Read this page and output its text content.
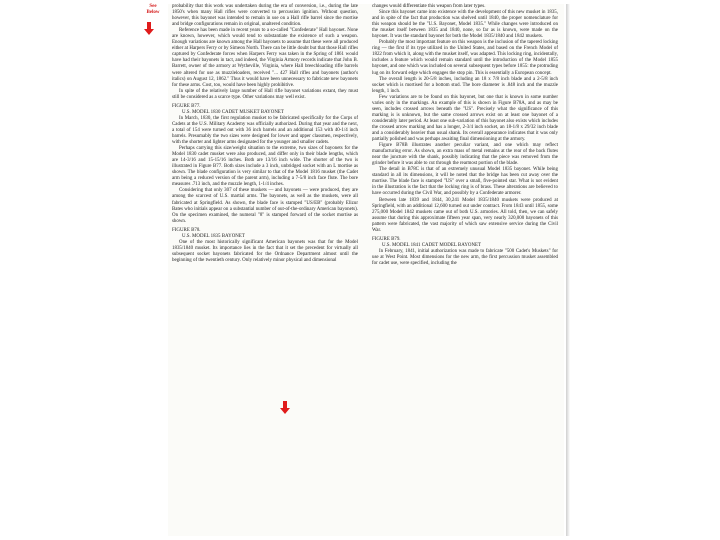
probability that this work was undertaken during the era of conversion, i.e., during the late 1850's when many Hall rifles were converted to percussion ignition. Without question, however, this bayonet was intended to remain in use on a Hall rifle barrel since the mortise and bridge configurations remain in original, unaltered condition.

Reference has been made in recent years to a so-called "Confederate" Hall bayonet. None are known, however, which would tend to substantiate the existence of such a weapon. Enough variations are known among the Hall bayonets to assume that these were all produced either at Harpers Ferry or by Simeon North. There can be little doubt but that those Hall rifles captured by Confederate forces when Harpers Ferry was taken in the Spring of 1861 would have had their bayonets in tact, and indeed, the Virginia Armory records indicate that John B. Barrett, owner of the armory at Wytheville, Virginia, where Hall breechloading rifle barrels were altered for use as muzzleloaders, received "... 427 Hall rifles and bayonets (author's italics) on August 12, 1862." Thus it would have been unnecessary to fabricate new bayonets for these arms. Cost, too, would have been highly prohibitive.

In spite of the relatively large number of Hall rifle bayonet variations extant, they must still be considered as a scarce type. Other variations may well exist.

FIGURE B77.
U.S. MODEL 1830 CADET MUSKET BAYONET

In March, 1830, the first regulation musket to be fabricated specifically for the Corps of Cadets at the U.S. Military Academy was officially authorized. During that year and the next, a total of 154 were turned out with 36 inch barrels and an additional 153 with 40-1/4 inch barrels. Presumably the two sizes were designed for lower and upper classmen, respectively, with the shorter and lighter arms designated for the younger and smaller cadets.

Perhaps carrying this size/weight situation to the extreme, two sizes of bayonets for the Model 1830 cadet musket were also produced, and differ only in their blade lengths, which are 14-3/16 and 15-15/16 inches. Both are 13/16 inch wide. The shorter of the two is illustrated in Figure B77. Both sizes include a 3 inch, unbridged socket with an L mortise as shown. The blade configuration is very similar to that of the Model 1816 musket (the Cadet arm being a reduced version of the parent arm), including a 7-5/8 inch face flute. The bore measures .713 inch, and the muzzle length, 1-1/4 inches.

Considering that only 307 of these muskets — and bayonets — were produced, they are among the scarcest of U.S. martial arms. The bayonets, as well as the muskets, were all fabricated at Springfield. As shown, the blade face is stamped "US/EB" (probably Elizur Bates who initials appear on a substantial number of out-of-the-ordinary American bayonets). On the specimen examined, the numeral "8" is stamped forward of the socket mortise as shown.

FIGURE B78.
U.S. MODEL 1835 BAYONET

One of the most historically significant American bayonets was that for the Model 1835/1840 musket. Its importance lies in the fact that it set the precedent for virtually all subsequent socket bayonets fabricated for the Ordnance Department almost until the beginning of the twentieth century. Only relatively minor physical and dimensional

changes would differentiate this weapon from later types.

Since this bayonet came into existence with the development of this new musket in 1835, and in spite of the fact that production was shelved until 1840, the proper nomenclature for this weapon should be the "U.S. Bayonet, Model 1835." While changes were introduced on the musket itself between 1835 and 1840, none, so far as is known, were made on the bayonet. It was the standard bayonet for both the Model 1835/1840 and 1842 muskets.

Probably the most important feature on this weapon is the inclusion of the tapered locking ring — the first if its type utilized in the United States, and based on the French Model of 1822 from which it, along with the musket itself, was adapted. This locking ring, incidentally, includes a feature which would remain standard until the introduction of the Model 1855 bayonet, and one which was included on several subsequent types before 1855: the protruding lug on its forward edge which engages the stop pin. This is essentially a European concept.

The overall length is 20-5/8 inches, including an 18 x 7/8 inch blade and a 2-5/8 inch socket which is mortised for a bottom stud. The bore diameter is .848 inch and the muzzle length, 1 inch.

Few variations are to be found on this bayonet, but one that is known in some number varies only in the markings. An example of this is shown in Figure B78A, and as may be seen, includes crossed arrows beneath the "US". Precisely what the significance of this marking is is unknown, but the same crossed arrows exist on at least one bayonet of a considerably later period. At least one sub-variation of this bayonet also exists which includes the crossed arrow marking and has a longer, 2-3/4 inch socket, an 18-1/8 x 29/32 inch blade and a considerably heavier than usual shank. Its overall appearance indicates that it was only partially polished and was perhaps awaiting final dimensioning at the armory.

Figure B78B illustrates another peculiar variant, and one which may reflect manufacturing error. As shown, an extra mass of metal remains at the rear of the back flutes near the juncture with the shank, possibly indicating that the piece was removed from the grinder before it was able to cut through the rearmost portion of the blade.

The detail in B78C is that of an extremely unusual Model 1835 bayonet. While being standard in all its dimensions, it will be noted that the bridge has been cut away over the mortise. The blade face is stamped "US" over a small, five-pointed star. What is not evident in the illustration is the fact that the locking ring is of brass. These alterations are believed to have occurred during the Civil War, and possibly by a Confederate armorer.

Between late 1839 and 1844, 30,241 Model 1835/1840 muskets were produced at Springfield, with an additional 12,600 turned out under contract. From 1843 until 1855, some 275,000 Model 1842 muskets came out of both U.S. armories. All told, then, we can safely assume that during this approximate fifteen year span, very nearly 320,000 bayonets of this pattern were fabricated, the vast majority of which saw extensive service during the Civil War.

FIGURE B79.
U.S. MODEL 1841 CADET MODEL BAYONET

In February, 1841, initial authorization was made to fabricate "500 Cadet's Muskets" for use at West Point. Most dimensions for the new arm, the first percussion musket assembled for cadet use, were specified, including the

See
Below
